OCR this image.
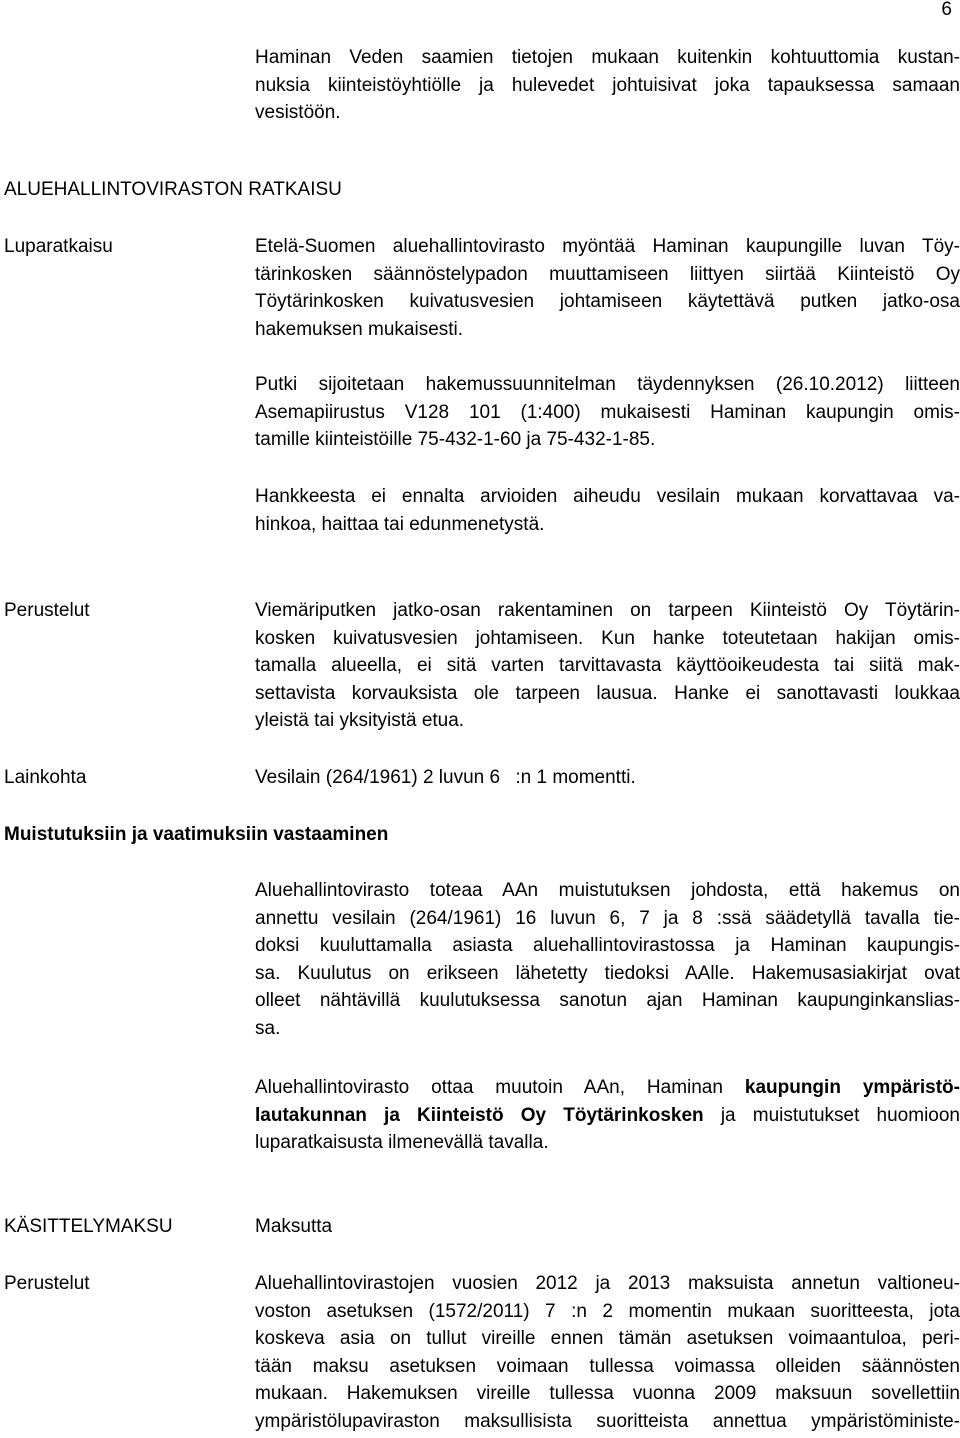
6
Haminan Veden saamien tietojen mukaan kuitenkin kohtuuttomia kustan-
nuksia kiinteistöyhtiölle ja hulevedet johtuisivat joka tapauksessa samaan
vesistöön.
ALUEHALLINTOVIRASTON RATKAISU
Luparatkaisu	Etelä-Suomen aluehallintovirasto myöntää Haminan kaupungille luvan Töy-
tärinkosken säännöstelypadon muuttamiseen liittyen siirtää Kiinteistö Oy
Töytärinkosken kuivatusvesien johtamiseen käytettävä putken jatko-osa
hakemuksen mukaisesti.
Putki sijoitetaan hakemussuunnitelman täydennyksen (26.10.2012) liitteen
Asemapiirustus V128 101 (1:400) mukaisesti Haminan kaupungin omis-
tamille kiinteistöille 75-432-1-60 ja 75-432-1-85.
Hankkeesta ei ennalta arvioiden aiheudu vesilain mukaan korvattavaa va-
hinkoa, haittaa tai edunmenetystä.
Perustelut	Viemäriputken jatko-osan rakentaminen on tarpeen Kiinteistö Oy Töytärin-
kosken kuivatusvesien johtamiseen. Kun hanke toteutetaan hakijan omis-
tamalla alueella, ei sitä varten tarvittavasta käyttöoikeudesta tai siitä mak-
settavista korvauksista ole tarpeen lausua. Hanke ei sanottavasti loukkaa
yleistä tai yksityistä etua.
Lainkohta	Vesilain (264/1961) 2 luvun 6 :n 1 momentti.
Muistutuksiin ja vaatimuksiin vastaaminen
Aluehallintovirasto toteaa AAn muistutuksen johdosta, että hakemus on
annettu vesilain (264/1961) 16 luvun 6, 7 ja 8 :ssä säädetyllä tavalla tie-
doksi kuuluttamalla asiasta aluehallintovirastossa ja Haminan kaupungis-
sa. Kuulutus on erikseen lähetetty tiedoksi AAlle. Hakemusasiakirjat ovat
olleet nähtävillä kuulutuksessa sanotun ajan Haminan kaupunginkanslias-
sa.
Aluehallintovirasto ottaa muutoin AAn, Haminan kaupungin ympäristö-
lautakunnan ja Kiinteistö Oy Töytärinkosken ja muistutukset huomioon
luparatkaisusta ilmenevällä tavalla.
KÄSITTELYMAKSU	Maksutta
Perustelut	Aluehallintovirastojen vuosien 2012 ja 2013 maksuista annetun valtioneu-
voston asetuksen (1572/2011) 7 :n 2 momentin mukaan suoritteesta, jota
koskeva asia on tullut vireille ennen tämän asetuksen voimaantuloa, peri-
tään maksu asetuksen voimaan tullessa voimassa olleiden säännösten
mukaan. Hakemuksen vireille tullessa vuonna 2009 maksuun sovellettiin
ympäristölupaviraston maksullisista suoritteista annettua ympäristöministe-
